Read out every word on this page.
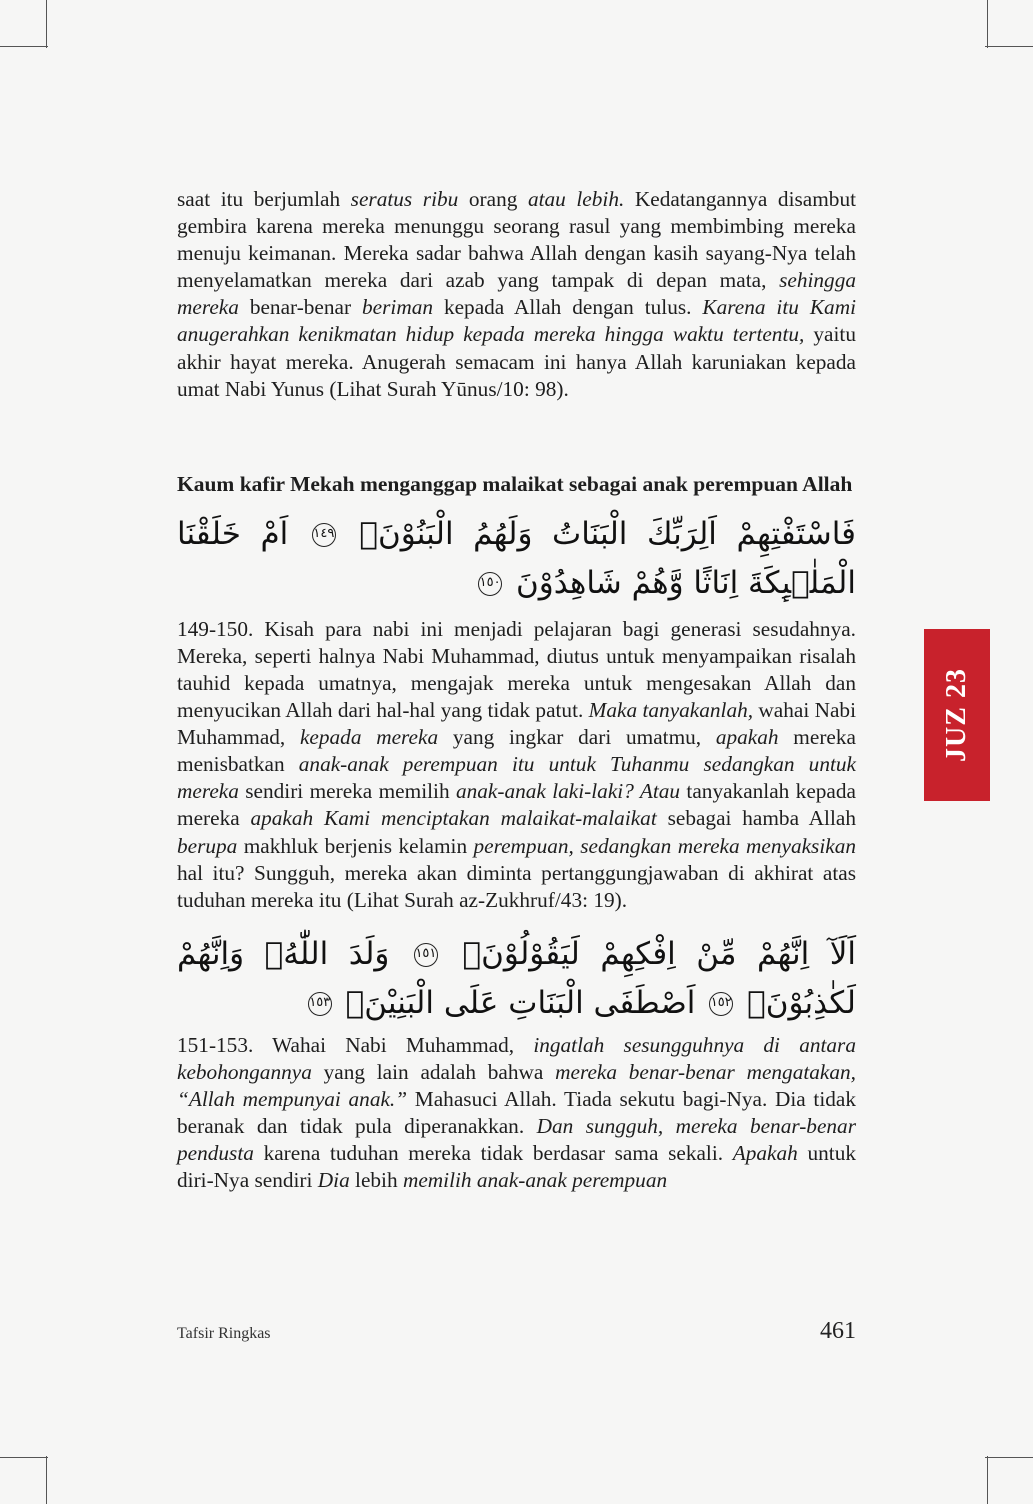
saat itu berjumlah seratus ribu orang atau lebih. Kedatangannya disambut gembira karena mereka menunggu seorang rasul yang membimbing mereka menuju keimanan. Mereka sadar bahwa Allah dengan kasih sayang-Nya telah menyelamatkan mereka dari azab yang tampak di depan mata, sehingga mereka benar-benar beriman kepada Allah dengan tulus. Karena itu Kami anugerahkan kenikmatan hidup kepada mereka hingga waktu tertentu, yaitu akhir hayat mereka. Anugerah semacam ini hanya Allah karuniakan kepada umat Nabi Yunus (Lihat Surah Yūnus/10: 98).

Kaum kafir Mekah menganggap malaikat sebagai anak perempuan Allah
فَاسْتَفْتِهِمْ اَلِرَبِّكَ الْبَنَاتُ وَلَهُمُ الْبَنُوْنَۚ ١٤٩ اَمْ خَلَقْنَا الْمَلٰۤىِٕكَةَ اِنَاثًا وَّهُمْ شَاهِدُوْنَ ١٥٠

149-150. Kisah para nabi ini menjadi pelajaran bagi generasi sesudahnya. Mereka, seperti halnya Nabi Muhammad, diutus untuk menyampaikan risalah tauhid kepada umatnya, mengajak mereka untuk mengesakan Allah dan menyucikan Allah dari hal-hal yang tidak patut. Maka tanyakanlah, wahai Nabi Muhammad, kepada mereka yang ingkar dari umatmu, apakah mereka menisbatkan anak-anak perempuan itu untuk Tuhanmu sedangkan untuk mereka sendiri mereka memilih anak-anak laki-laki? Atau tanyakanlah kepada mereka apakah Kami menciptakan malaikat-malaikat sebagai hamba Allah berupa makhluk berjenis kelamin perempuan, sedangkan mereka menyaksikan hal itu? Sungguh, mereka akan diminta pertanggungjawaban di akhirat atas tuduhan mereka itu (Lihat Surah az-Zukhruf/43: 19).

اَلَآ اِنَّهُمْ مِّنْ اِفْكِهِمْ لَيَقُوْلُوْنَۙ ١٥١ وَلَدَ اللّٰهُۙ وَاِنَّهُمْ لَكٰذِبُوْنَۙ ١٥٢ اَصْطَفَى الْبَنَاتِ عَلَى الْبَنِيْنَۗ ١٥٣

151-153. Wahai Nabi Muhammad, ingatlah sesungguhnya di antara kebohongannya yang lain adalah bahwa mereka benar-benar mengatakan, “Allah mempunyai anak.” Mahasuci Allah. Tiada sekutu bagi-Nya. Dia tidak beranak dan tidak pula diperanakkan. Dan sungguh, mereka benar-benar pendusta karena tuduhan mereka tidak berdasar sama sekali. Apakah untuk diri-Nya sendiri Dia lebih memilih anak-anak perempuan

JUZ 23
Tafsir Ringkas	461
